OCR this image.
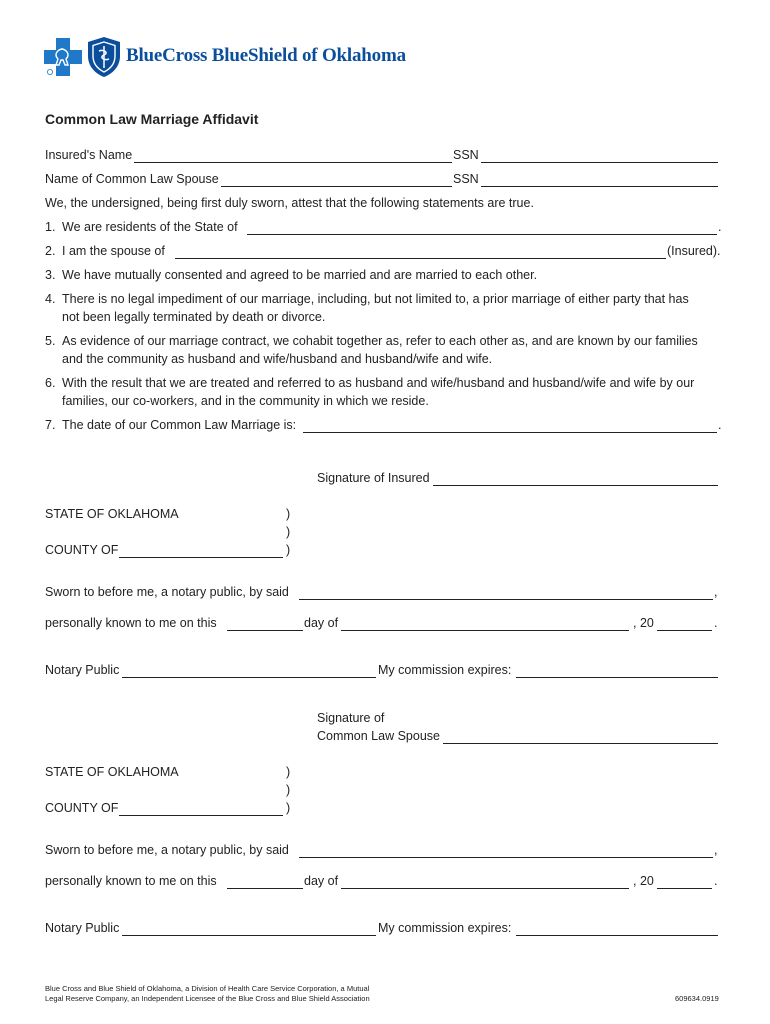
BlueCross BlueShield of Oklahoma
Common Law Marriage Affidavit
Insured's Name	SSN
Name of Common Law Spouse	SSN
We, the undersigned, being first duly sworn, attest that the following statements are true.
1. We are residents of the State of	.
2. I am the spouse of	(Insured).
3. We have mutually consented and agreed to be married and are married to each other.
4. There is no legal impediment of our marriage, including, but not limited to, a prior marriage of either party that has
not been legally terminated by death or divorce.
5. As evidence of our marriage contract, we cohabit together as, refer to each other as, and are known by our families
and the community as husband and wife/husband and husband/wife and wife.
6. With the result that we are treated and referred to as husband and wife/husband and husband/wife and wife by our
families, our co-workers, and in the community in which we reside.
7. The date of our Common Law Marriage is:	.
Signature of Insured
STATE OF OKLAHOMA	)
)
COUNTY OF	)
Sworn to before me, a notary public, by said	,
personally known to me on this	day of	, 20	.
Notary Public	My commission expires:
Signature of
Common Law Spouse
STATE OF OKLAHOMA	)
)
COUNTY OF	)
Sworn to before me, a notary public, by said	,
personally known to me on this	day of	, 20	.
Notary Public	My commission expires:
Blue Cross and Blue Shield of Oklahoma, a Division of Health Care Service Corporation, a Mutual
Legal Reserve Company, an Independent Licensee of the Blue Cross and Blue Shield Association	609634.0919
